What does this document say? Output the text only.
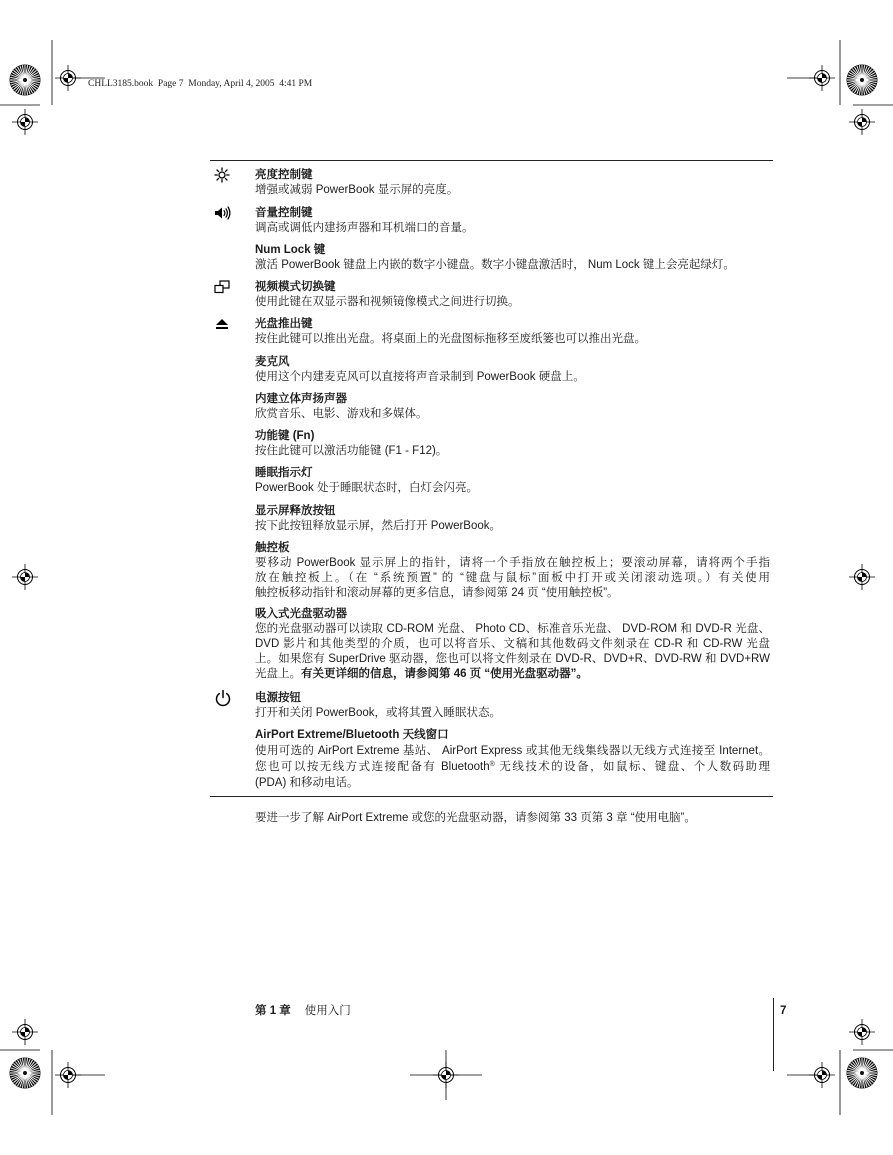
CHLL3185.book  Page 7  Monday, April 4, 2005  4:41 PM
亮度控制键
增强或减弱 PowerBook 显示屏的亮度。
音量控制键
调高或调低内建扬声器和耳机端口的音量。
Num Lock 键
激活 PowerBook 键盘上内嵌的数字小键盘。数字小键盘激活时， Num Lock 键上会亮起绿灯。
视频模式切换键
使用此键在双显示器和视频镜像模式之间进行切换。
光盘推出键
按住此键可以推出光盘。将桌面上的光盘图标拖移至废纸篓也可以推出光盘。
麦克风
使用这个内建麦克风可以直接将声音录制到 PowerBook 硬盘上。
内建立体声扬声器
欣赏音乐、电影、游戏和多媒体。
功能键 (Fn)
按住此键可以激活功能键 (F1 - F12)。
睡眠指示灯
PowerBook 处于睡眠状态时，白灯会闪亮。
显示屏释放按钮
按下此按钮释放显示屏，然后打开 PowerBook。
触控板
要移动 PowerBook 显示屏上的指针，请将一个手指放在触控板上；要滚动屏幕，请将两个手指
放在触控板上。（在 “系统预置” 的 “键盘与鼠标”面板中打开或关闭滚动选项。）有关使用
触控板移动指针和滚动屏幕的更多信息，请参阅第 24 页 “使用触控板”。
吸入式光盘驱动器
您的光盘驱动器可以读取 CD-ROM 光盘、 Photo CD、标准音乐光盘、 DVD-ROM 和 DVD-R 光盘、
DVD 影片和其他类型的介质，也可以将音乐、文稿和其他数码文件刻录在 CD-R 和 CD-RW 光盘
上。如果您有 SuperDrive 驱动器，您也可以将文件刻录在 DVD-R、DVD+R、DVD-RW 和 DVD+RW
光盘上。有关更详细的信息，请参阅第 46 页 “使用光盘驱动器”。
电源按钮
打开和关闭 PowerBook，或将其置入睡眠状态。
AirPort Extreme/Bluetooth 天线窗口
使用可选的 AirPort Extreme 基站、 AirPort Express 或其他无线集线器以无线方式连接至 Internet。
您也可以按无线方式连接配备有 Bluetooth® 无线技术的设备，如鼠标、键盘、个人数码助理
(PDA) 和移动电话。
要进一步了解 AirPort Extreme 或您的光盘驱动器，请参阅第 33 页第 3 章 “使用电脑”。
第 1 章 使用入门	7
